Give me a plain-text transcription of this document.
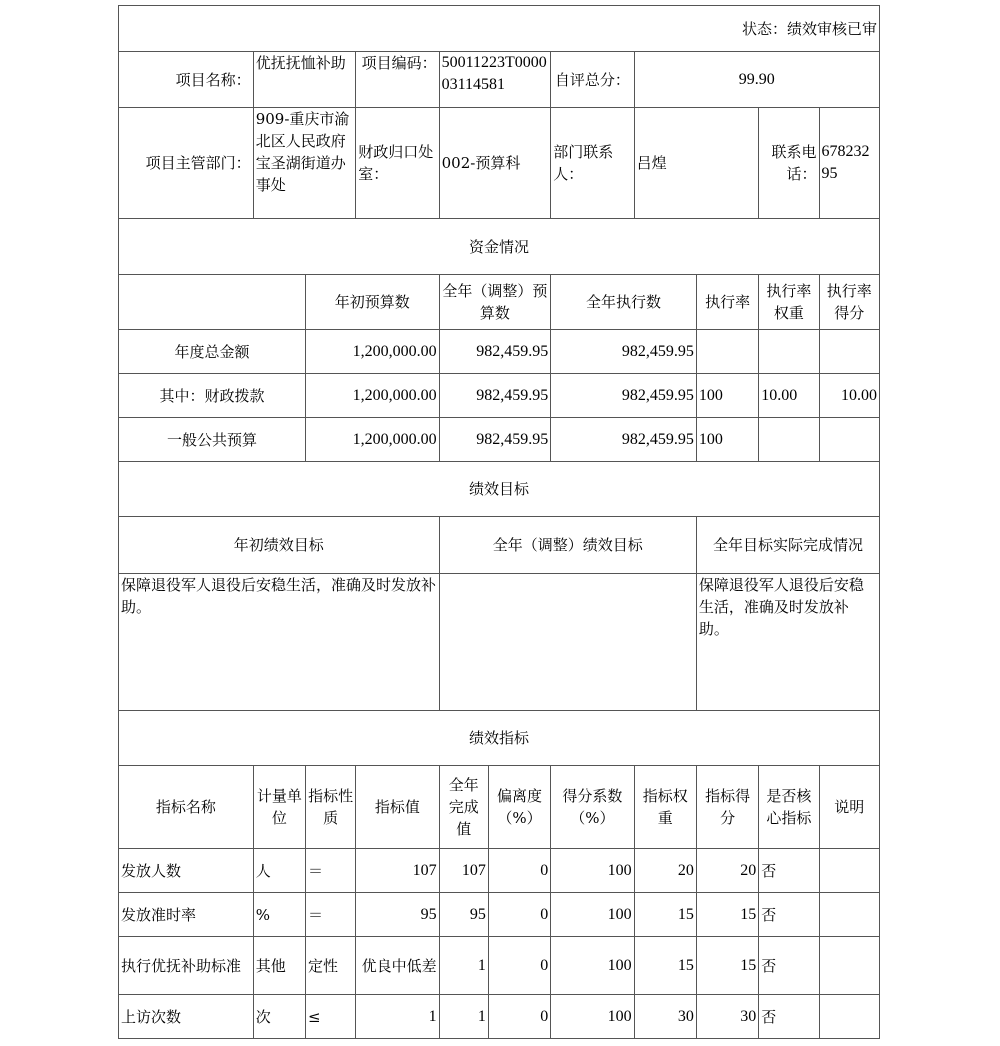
状态：绩效审核已审										
项目名称：	优抚抚恤补助		项目编码：	50011223T000003114581		自评总分：	99.90			
项目主管部门：	909-重庆市渝北区人民政府宝圣湖街道办事处		财政归口处室：	002-预算科		部门联系人：	吕煌		联系电话：	67823295
资金情况										
		年初预算数		全年（调整）预算数		全年执行数		执行率	执行率权重	执行率得分
年度总金额		1,200,000.00		982,459.95		982,459.95				
其中：财政拨款		1,200,000.00		982,459.95		982,459.95		100	10.00	10.00
一般公共预算		1,200,000.00		982,459.95		982,459.95		100		
绩效目标										
年初绩效目标				全年（调整）绩效目标				全年目标实际完成情况		
保障退役军人退役后安稳生活，准确及时发放补助。								保障退役军人退役后安稳生活，准确及时发放补助。		
绩效指标										
指标名称	计量单位	指标性质	指标值	全年完成值	偏离度（%）	得分系数（%）	指标权重	指标得分	是否核心指标	说明
发放人数	人	＝	107	107	0	100	20	20	否	
发放准时率	%	＝	95	95	0	100	15	15	否	
执行优抚补助标准	其他	定性	优良中低差	1	0	100	15	15	否	
上访次数	次	≤	1	1	0	100	30	30	否	
